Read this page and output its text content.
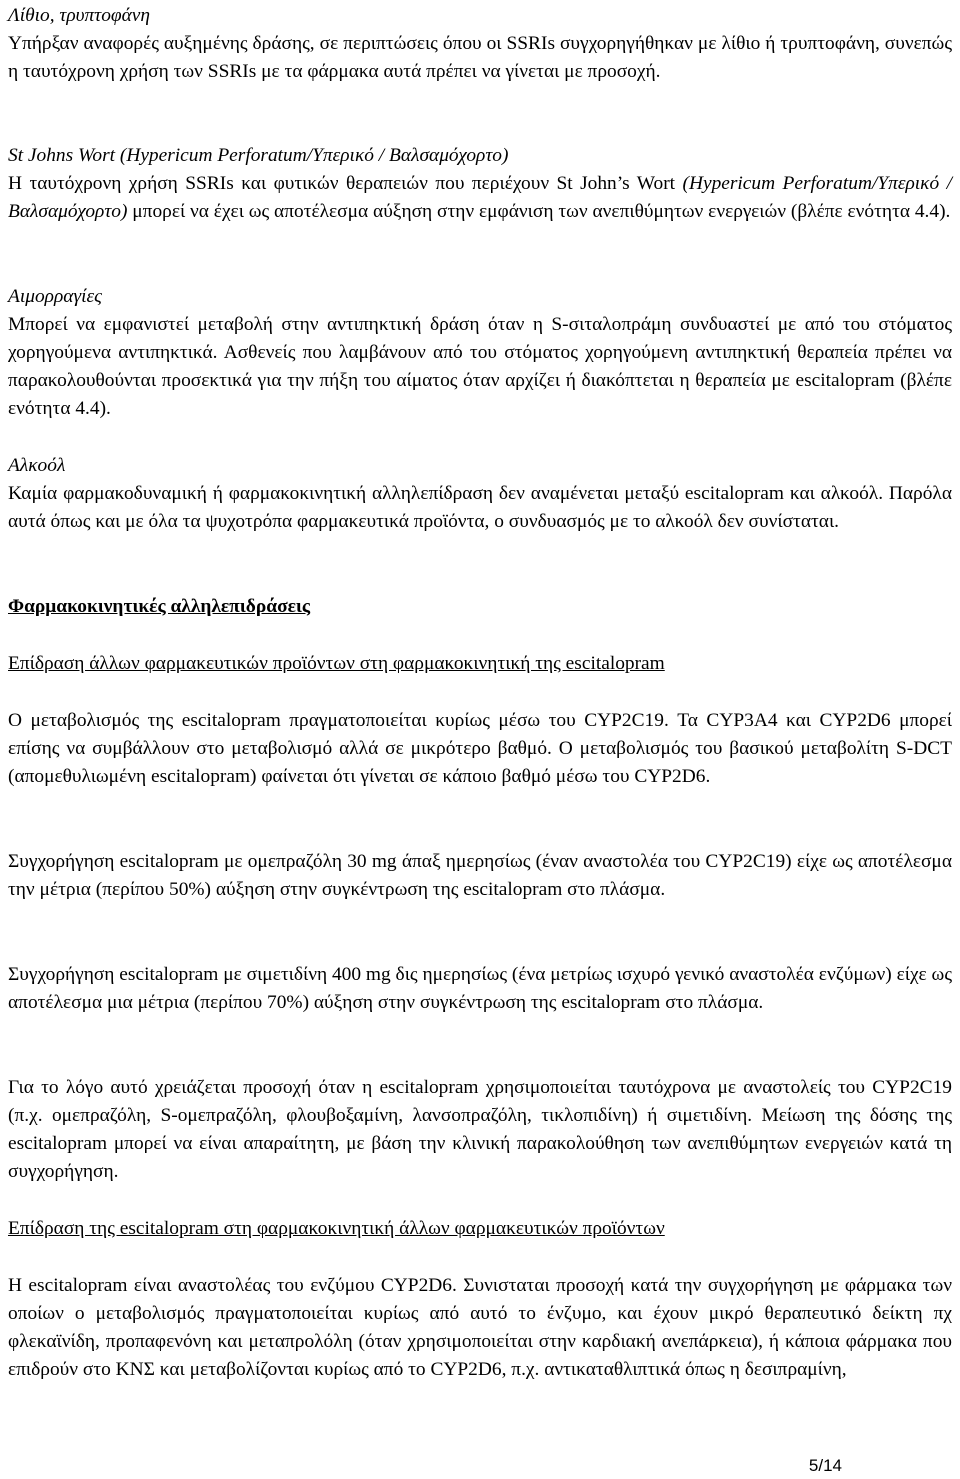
Λίθιο, τρυπτοφάνη

Υπήρξαν αναφορές αυξημένης δράσης, σε περιπτώσεις όπου οι SSRIs συγχορηγήθηκαν με λίθιο ή τρυπτοφάνη, συνεπώς η ταυτόχρονη χρήση των SSRIs με τα φάρμακα αυτά πρέπει να γίνεται με προσοχή.

St Johns Wort (Hypericum Perforatum/Υπερικό / Βαλσαμόχορτο)

Η ταυτόχρονη χρήση SSRIs και φυτικών θεραπειών που περιέχουν St John’s Wort (Hypericum Perforatum/Υπερικό / Βαλσαμόχορτο) μπορεί να έχει ως αποτέλεσμα αύξηση στην εμφάνιση των ανεπιθύμητων ενεργειών (βλέπε ενότητα 4.4).

Αιμορραγίες

Μπορεί να εμφανιστεί μεταβολή στην αντιπηκτική δράση όταν η S-σιταλοπράμη συνδυαστεί με από του στόματος χορηγούμενα αντιπηκτικά. Ασθενείς που λαμβάνουν από του στόματος χορηγούμενη αντιπηκτική θεραπεία πρέπει να παρακολουθούνται προσεκτικά για την πήξη του αίματος όταν αρχίζει ή διακόπτεται η θεραπεία με escitalopram (βλέπε ενότητα 4.4).

Αλκοόλ

Καμία φαρμακοδυναμική ή φαρμακοκινητική αλληλεπίδραση δεν αναμένεται μεταξύ escitalopram και αλκοόλ. Παρόλα αυτά όπως και με όλα τα ψυχοτρόπα φαρμακευτικά προϊόντα, ο συνδυασμός με το αλκοόλ δεν συνίσταται.

Φαρμακοκινητικές αλληλεπιδράσεις

Επίδραση άλλων φαρμακευτικών προϊόντων στη φαρμακοκινητική της escitalopram

Ο μεταβολισμός της escitalopram πραγματοποιείται κυρίως μέσω του CYP2C19. Τα CYP3A4 και CYP2D6 μπορεί επίσης να συμβάλλουν στο μεταβολισμό αλλά σε μικρότερο βαθμό. Ο μεταβολισμός του βασικού μεταβολίτη S-DCT (απομεθυλιωμένη escitalopram) φαίνεται ότι γίνεται σε κάποιο βαθμό μέσω του CYP2D6.

Συγχορήγηση escitalopram με ομεπραζόλη 30 mg άπαξ ημερησίως (έναν αναστολέα του CYP2C19) είχε ως αποτέλεσμα την μέτρια (περίπου 50%) αύξηση στην συγκέντρωση της escitalopram στο πλάσμα.

Συγχορήγηση escitalopram με σιμετιδίνη 400 mg δις ημερησίως (ένα μετρίως ισχυρό γενικό αναστολέα ενζύμων) είχε ως αποτέλεσμα μια μέτρια (περίπου 70%) αύξηση στην συγκέντρωση της escitalopram στο πλάσμα.

Για το λόγο αυτό χρειάζεται προσοχή όταν η escitalopram χρησιμοποιείται ταυτόχρονα με αναστολείς του CYP2C19 (π.χ. ομεπραζόλη, S-ομεπραζόλη, φλουβοξαμίνη, λανσοπραζόλη, τικλοπιδίνη) ή σιμετιδίνη. Μείωση της δόσης της escitalopram μπορεί να είναι απαραίτητη, με βάση την κλινική παρακολούθηση των ανεπιθύμητων ενεργειών κατά τη συγχορήγηση.

Επίδραση της escitalopram στη φαρμακοκινητική άλλων φαρμακευτικών προϊόντων

Η escitalopram είναι αναστολέας του ενζύμου CYP2D6. Συνισταται προσοχή κατά την συγχορήγηση με φάρμακα των οποίων ο μεταβολισμός πραγματοποιείται κυρίως από αυτό το ένζυμο, και έχουν μικρό θεραπευτικό δείκτη πχ φλεκαϊνίδη, προπαφενόνη και μεταπρολόλη (όταν χρησιμοποιείται στην καρδιακή ανεπάρκεια), ή κάποια φάρμακα που επιδρούν στο ΚΝΣ και μεταβολίζονται κυρίως από το CYP2D6, π.χ. αντικαταθλιπτικά όπως η δεσιπραμίνη,

5/14
